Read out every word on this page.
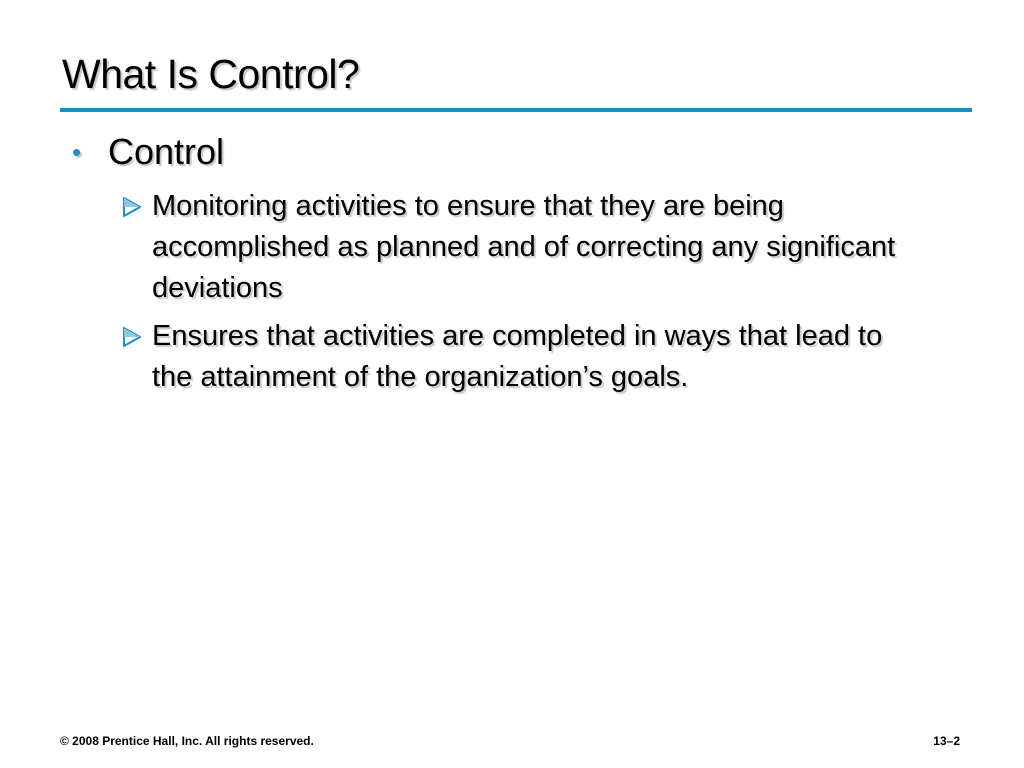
What Is Control?
• Control
Monitoring activities to ensure that they are being accomplished as planned and of correcting any significant deviations
Ensures that activities are completed in ways that lead to the attainment of the organization’s goals.
© 2008 Prentice Hall, Inc. All rights reserved.	13–2
